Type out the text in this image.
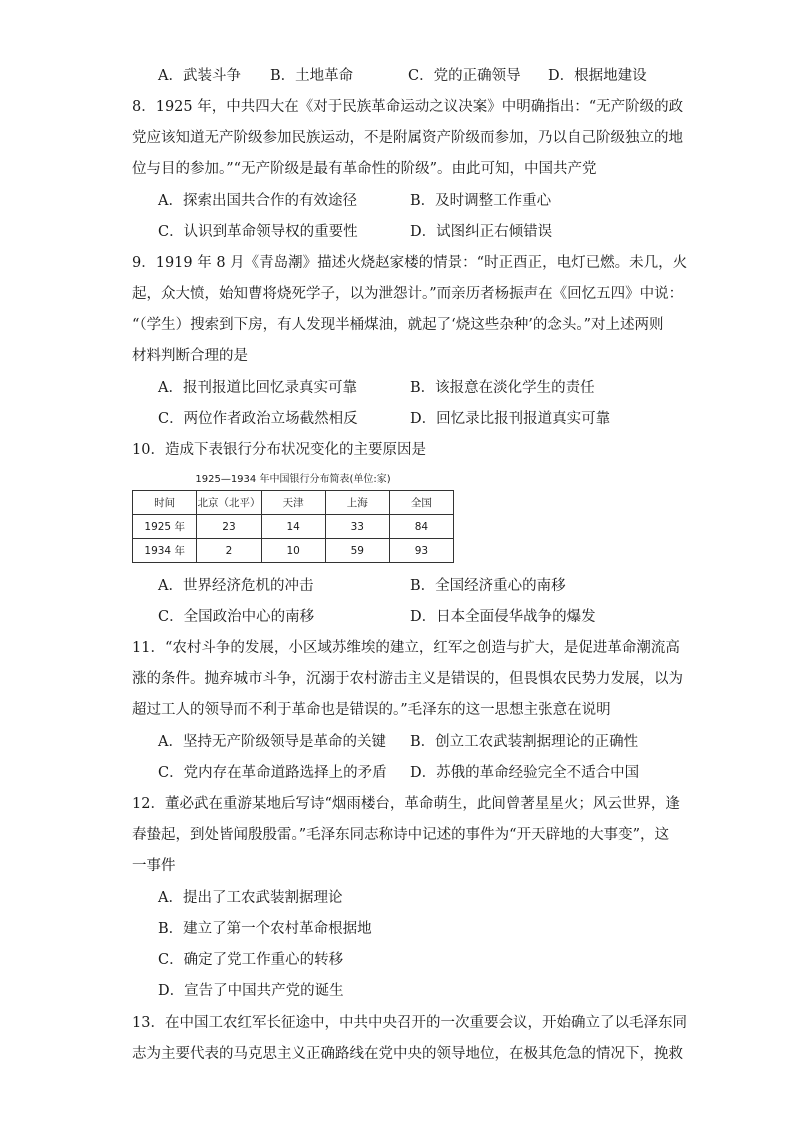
A．武装斗争 B．土地革命	C．党的正确领导 D．根据地建设
8．1925 年，中共四大在《对于民族革命运动之议决案》中明确指出：“无产阶级的政
党应该知道无产阶级参加民族运动，不是附属资产阶级而参加，乃以自己阶级独立的地
位与目的参加。”“无产阶级是最有革命性的阶级”。由此可知，中国共产党
A．探索出国共合作的有效途径	B．及时调整工作重心
C．认识到革命领导权的重要性	D．试图纠正右倾错误
9．1919 年 8 月《青岛潮》描述火烧赵家楼的情景：“时正酉正，电灯已燃。未几，火
起，众大愤，始知曹将烧死学子，以为泄怨计。”而亲历者杨振声在《回忆五四》中说：
“（学生）搜索到下房，有人发现半桶煤油，就起了‘烧这些杂种’的念头。”对上述两则
材料判断合理的是
A．报刊报道比回忆录真实可靠	B．该报意在淡化学生的责任
C．两位作者政治立场截然相反	D．回忆录比报刊报道真实可靠
10．造成下表银行分布状况变化的主要原因是
1925—1934 年中国银行分布简表(单位:家)
时间	北京（北平）	天津	上海	全国
1925 年	23	14	33	84
1934 年	2	10	59	93
A．世界经济危机的冲击	B．全国经济重心的南移
C．全国政治中心的南移	D．日本全面侵华战争的爆发
11．“农村斗争的发展，小区域苏维埃的建立，红军之创造与扩大，是促进革命潮流高
涨的条件。抛弃城市斗争，沉溺于农村游击主义是错误的，但畏惧农民势力发展，以为
超过工人的领导而不利于革命也是错误的。”毛泽东的这一思想主张意在说明
A．坚持无产阶级领导是革命的关键 B．创立工农武装割据理论的正确性
C．党内存在革命道路选择上的矛盾 D．苏俄的革命经验完全不适合中国
12．董必武在重游某地后写诗“烟雨楼台，革命萌生，此间曾著星星火；风云世界，逢
春蛰起，到处皆闻殷殷雷。”毛泽东同志称诗中记述的事件为“开天辟地的大事变”，这
一事件
A．提出了工农武装割据理论
B．建立了第一个农村革命根据地
C．确定了党工作重心的转移
D．宣告了中国共产党的诞生
13．在中国工农红军长征途中，中共中央召开的一次重要会议，开始确立了以毛泽东同
志为主要代表的马克思主义正确路线在党中央的领导地位，在极其危急的情况下，挽救
